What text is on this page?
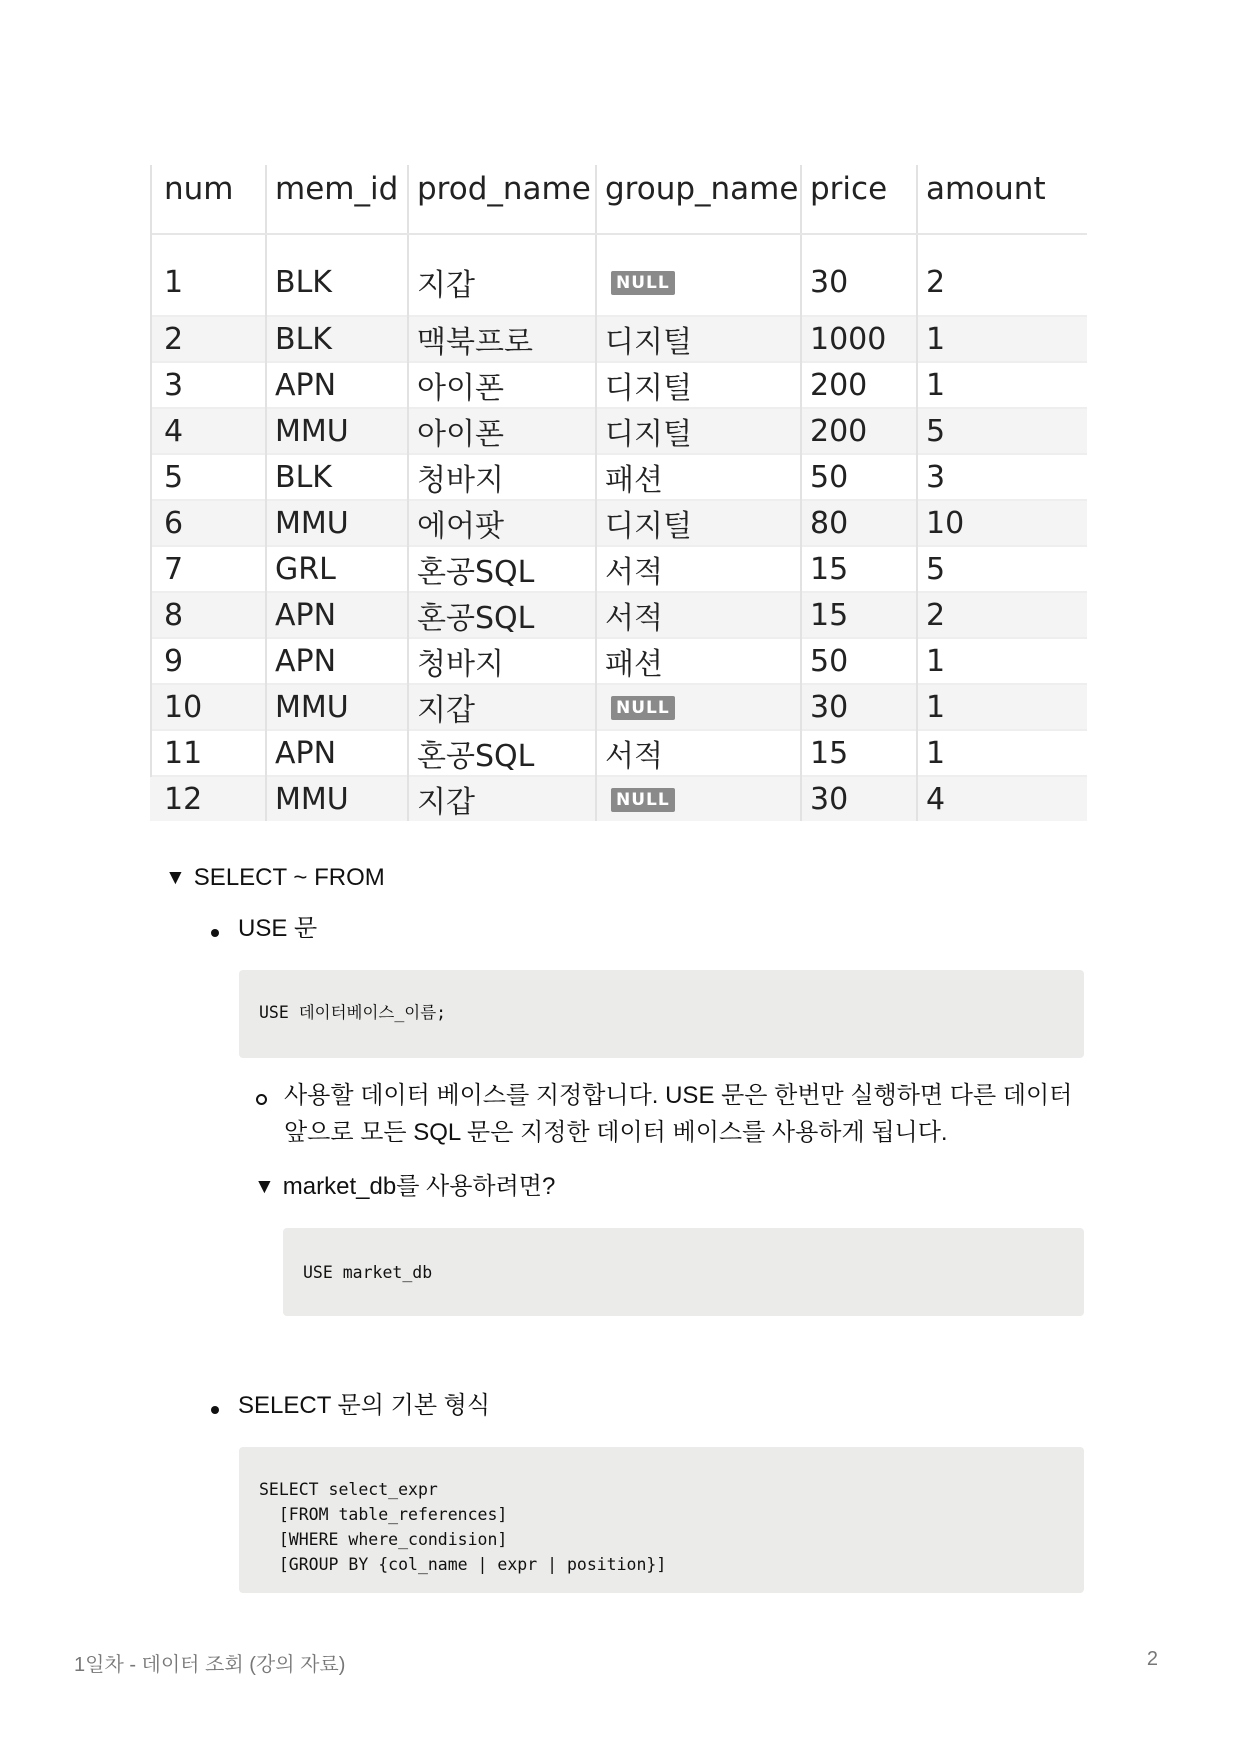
num	mem_id	prod_name	group_name	price	amount
1	BLK	지갑	NULL	30	2
2	BLK	맥북프로	디지털	1000	1
3	APN	아이폰	디지털	200	1
4	MMU	아이폰	디지털	200	5
5	BLK	청바지	패션	50	3
6	MMU	에어팟	디지털	80	10
7	GRL	혼공SQL	서적	15	5
8	APN	혼공SQL	서적	15	2
9	APN	청바지	패션	50	1
10	MMU	지갑	NULL	30	1
11	APN	혼공SQL	서적	15	1
12	MMU	지갑	NULL	30	4
▼ SELECT ~ FROM
USE 문
USE 데이터베이스_이름;
사용할 데이터 베이스를 지정합니다. USE 문은 한번만 실행하면 다른 데이터
앞으로 모든 SQL 문은 지정한 데이터 베이스를 사용하게 됩니다.
▼ market_db를 사용하려면?
USE market_db
SELECT 문의 기본 형식
SELECT select_expr
[FROM table_references]
[WHERE where_condision]
[GROUP BY {col_name | expr | position}]
1일차 - 데이터 조회 (강의 자료)	2
